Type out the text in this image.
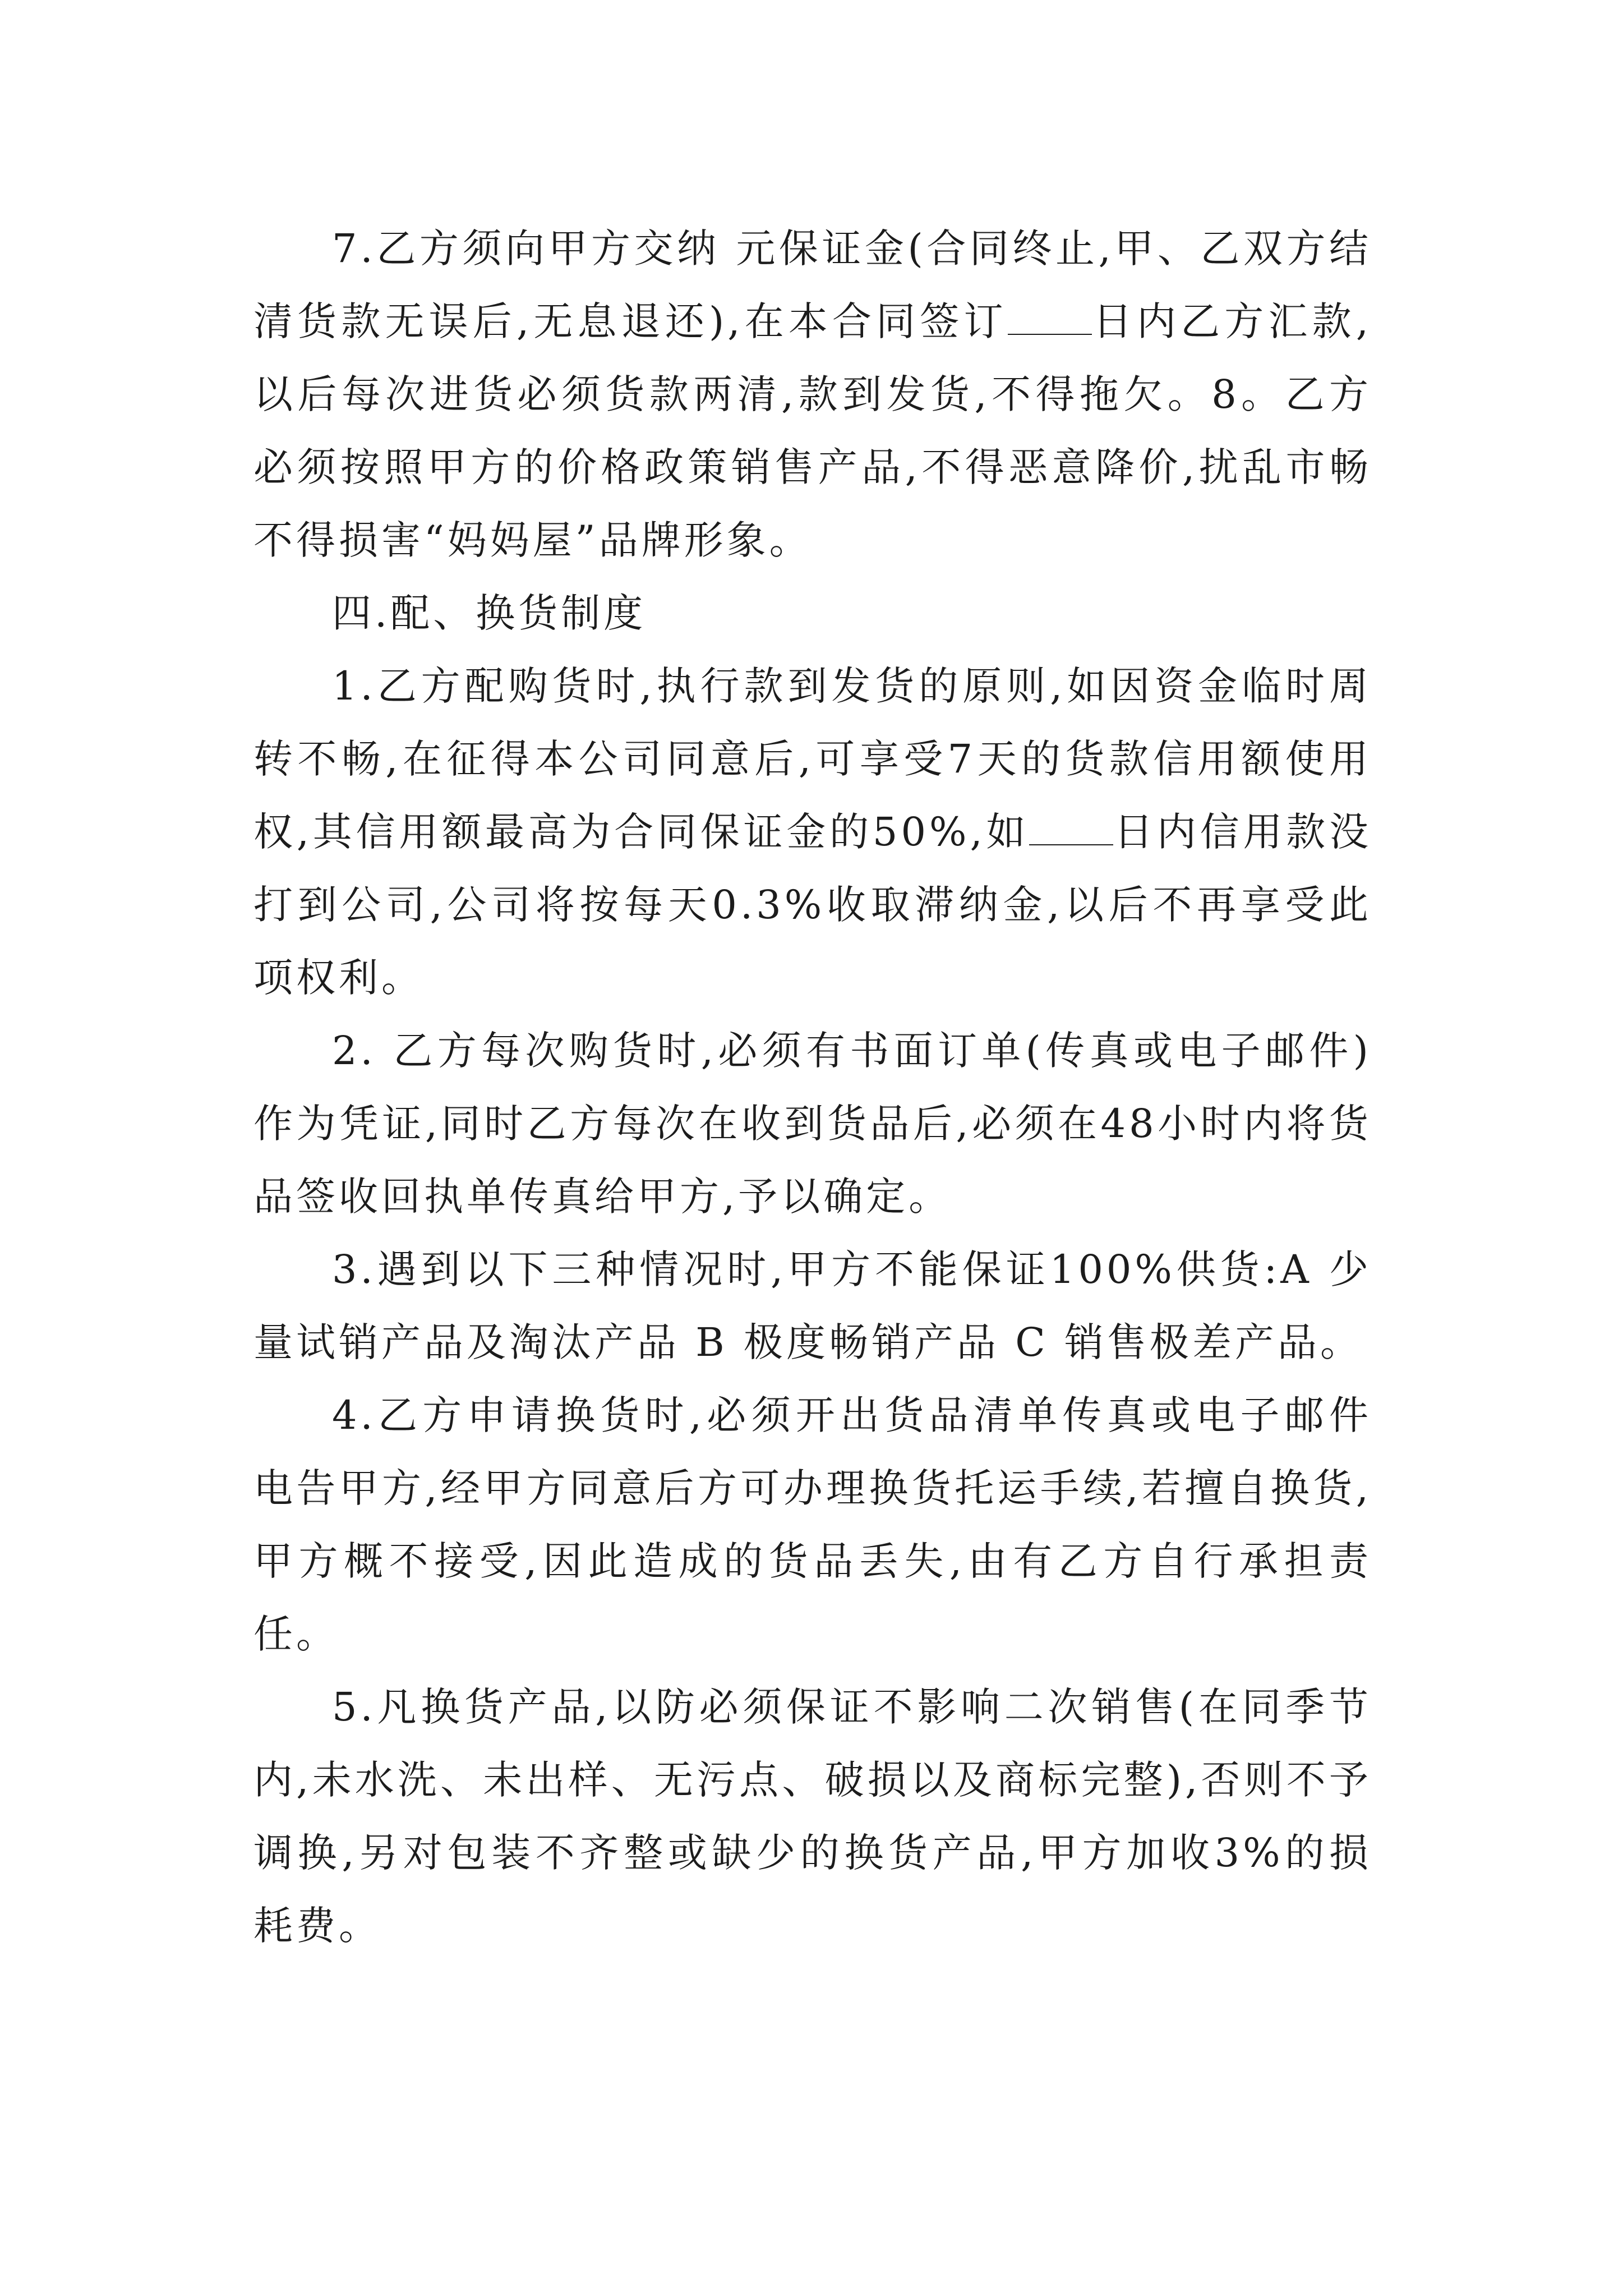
7.乙方须向甲方交纳 元保证金(合同终止,甲、乙双方结清货款无误后,无息退还),在本合同签订 日内乙方汇款,以后每次进货必须货款两清,款到发货,不得拖欠。8。乙方必须按照甲方的价格政策销售产品,不得恶意降价,扰乱市畅不得损害“妈妈屋”品牌形象。

四.配、换货制度

1.乙方配购货时,执行款到发货的原则,如因资金临时周转不畅,在征得本公司同意后,可享受7天的货款信用额使用权,其信用额最高为合同保证金的50%,如 日内信用款没打到公司,公司将按每天0.3%收取滞纳金,以后不再享受此项权利。

2. 乙方每次购货时,必须有书面订单(传真或电子邮件)作为凭证,同时乙方每次在收到货品后,必须在48小时内将货品签收回执单传真给甲方,予以确定。

3.遇到以下三种情况时,甲方不能保证100%供货:A 少量试销产品及淘汰产品 B 极度畅销产品 C 销售极差产品。

4.乙方申请换货时,必须开出货品清单传真或电子邮件电告甲方,经甲方同意后方可办理换货托运手续,若擅自换货,甲方概不接受,因此造成的货品丢失,由有乙方自行承担责任。

5.凡换货产品,以防必须保证不影响二次销售(在同季节内,未水洗、未出样、无污点、破损以及商标完整),否则不予调换,另对包装不齐整或缺少的换货产品,甲方加收3%的损耗费。
